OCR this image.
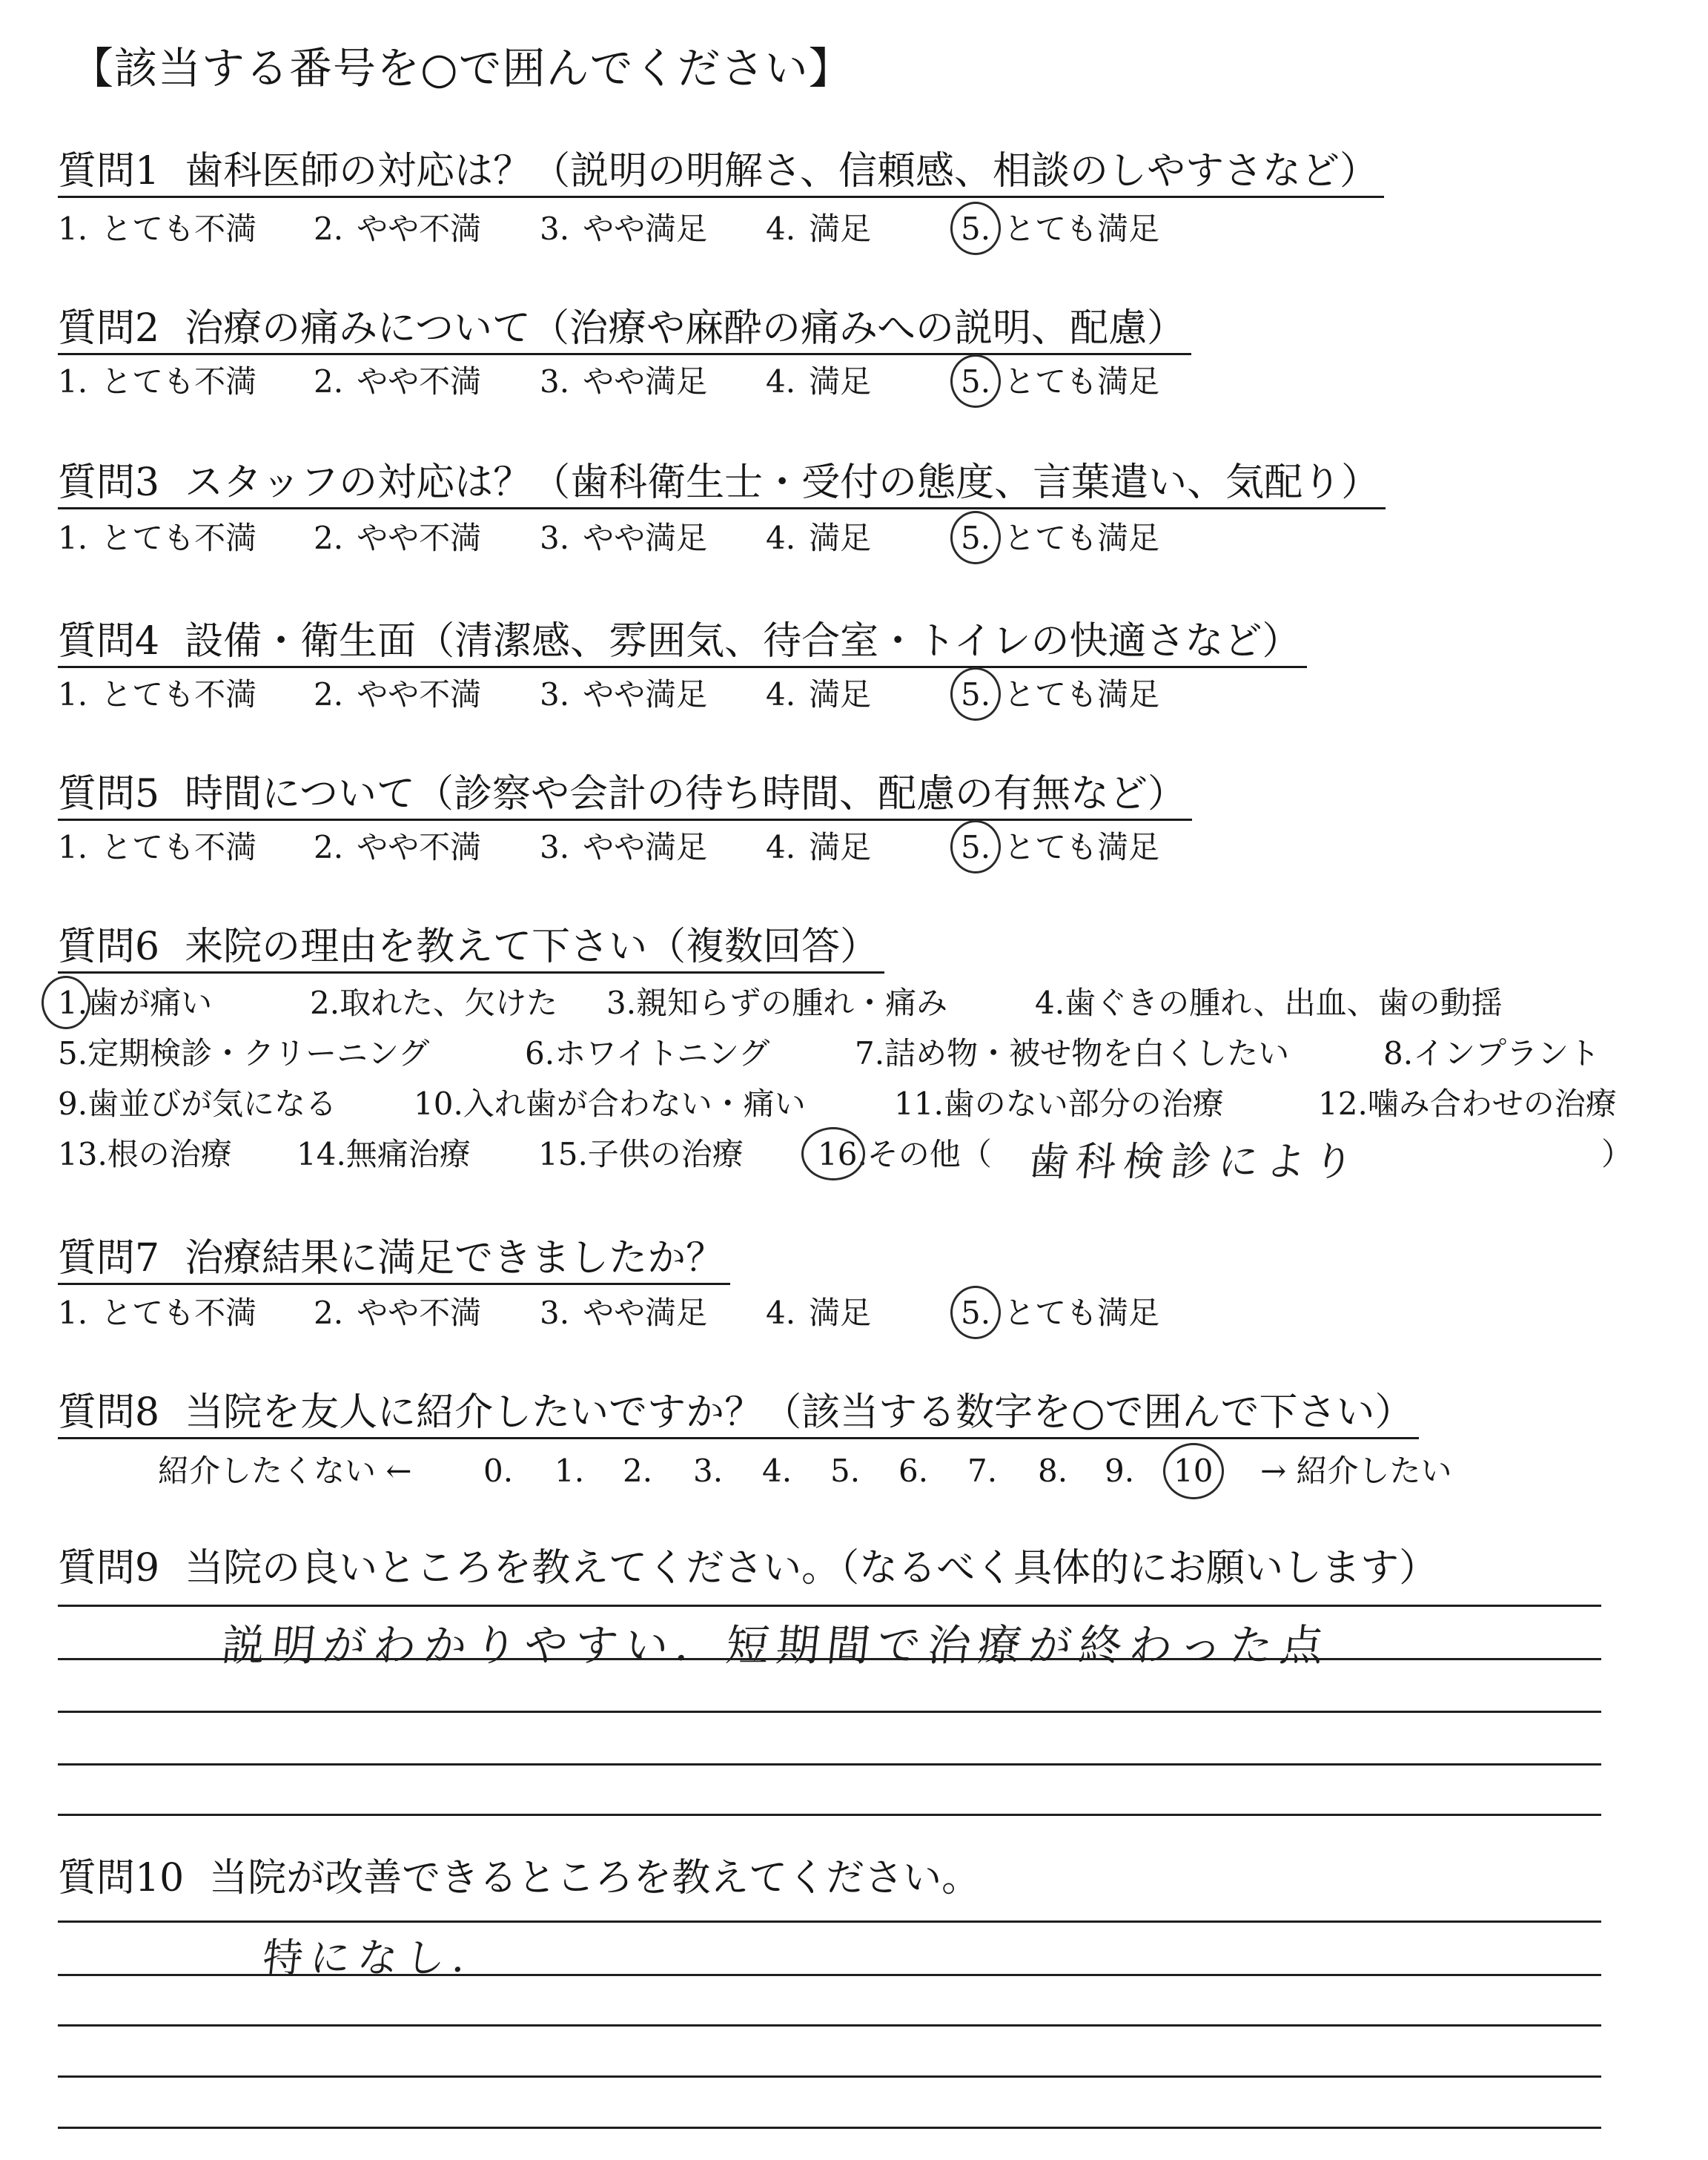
【該当する番号を○で囲んでください】
質問1 歯科医師の対応は？（説明の明解さ、信頼感、相談のしやすさなど）
1. とても不満 2. やや不満 3. やや満足 4. 満足	5. とても満足
質問2 治療の痛みについて（治療や麻酔の痛みへの説明、配慮）
1. とても不満 2. やや不満 3. やや満足 4. 満足	5. とても満足
質問3 スタッフの対応は？（歯科衛生士・受付の態度、言葉遣い、気配り）
1. とても不満 2. やや不満 3. やや満足 4. 満足	5. とても満足
質問4 設備・衛生面（清潔感、雰囲気、待合室・トイレの快適さなど）
1. とても不満 2. やや不満 3. やや満足 4. 満足	5. とても満足
質問5 時間について（診察や会計の待ち時間、配慮の有無など）
1. とても不満 2. やや不満 3. やや満足 4. 満足	5. とても満足
質問6 来院の理由を教えて下さい（複数回答）
1.歯が痛い	2.取れた、欠けた 3.親知らずの腫れ・痛み	4.歯ぐきの腫れ、出血、歯の動揺
5.定期検診・クリーニング	6.ホワイトニング	7.詰め物・被せ物を白くしたい	8.インプラント
9.歯並びが気になる 10.入れ歯が合わない・痛い	11.歯のない部分の治療	12.噛み合わせの治療
13.根の治療 14.無痛治療 15.子供の治療 16.その他（	）
歯科検診により
質問7 治療結果に満足できましたか？
1. とても不満 2. やや不満 3. やや満足 4. 満足	5. とても満足
質問8 当院を友人に紹介したいですか？（該当する数字を○で囲んで下さい）
紹介したくない ← 0. 1. 2. 3. 4. 5. 6. 7. 8. 9. 10 → 紹介したい
質問9 当院の良いところを教えてください。（なるべく具体的にお願いします）
説明がわかりやすい．短期間で治療が終わった点
質問10 当院が改善できるところを教えてください。
特になし．
